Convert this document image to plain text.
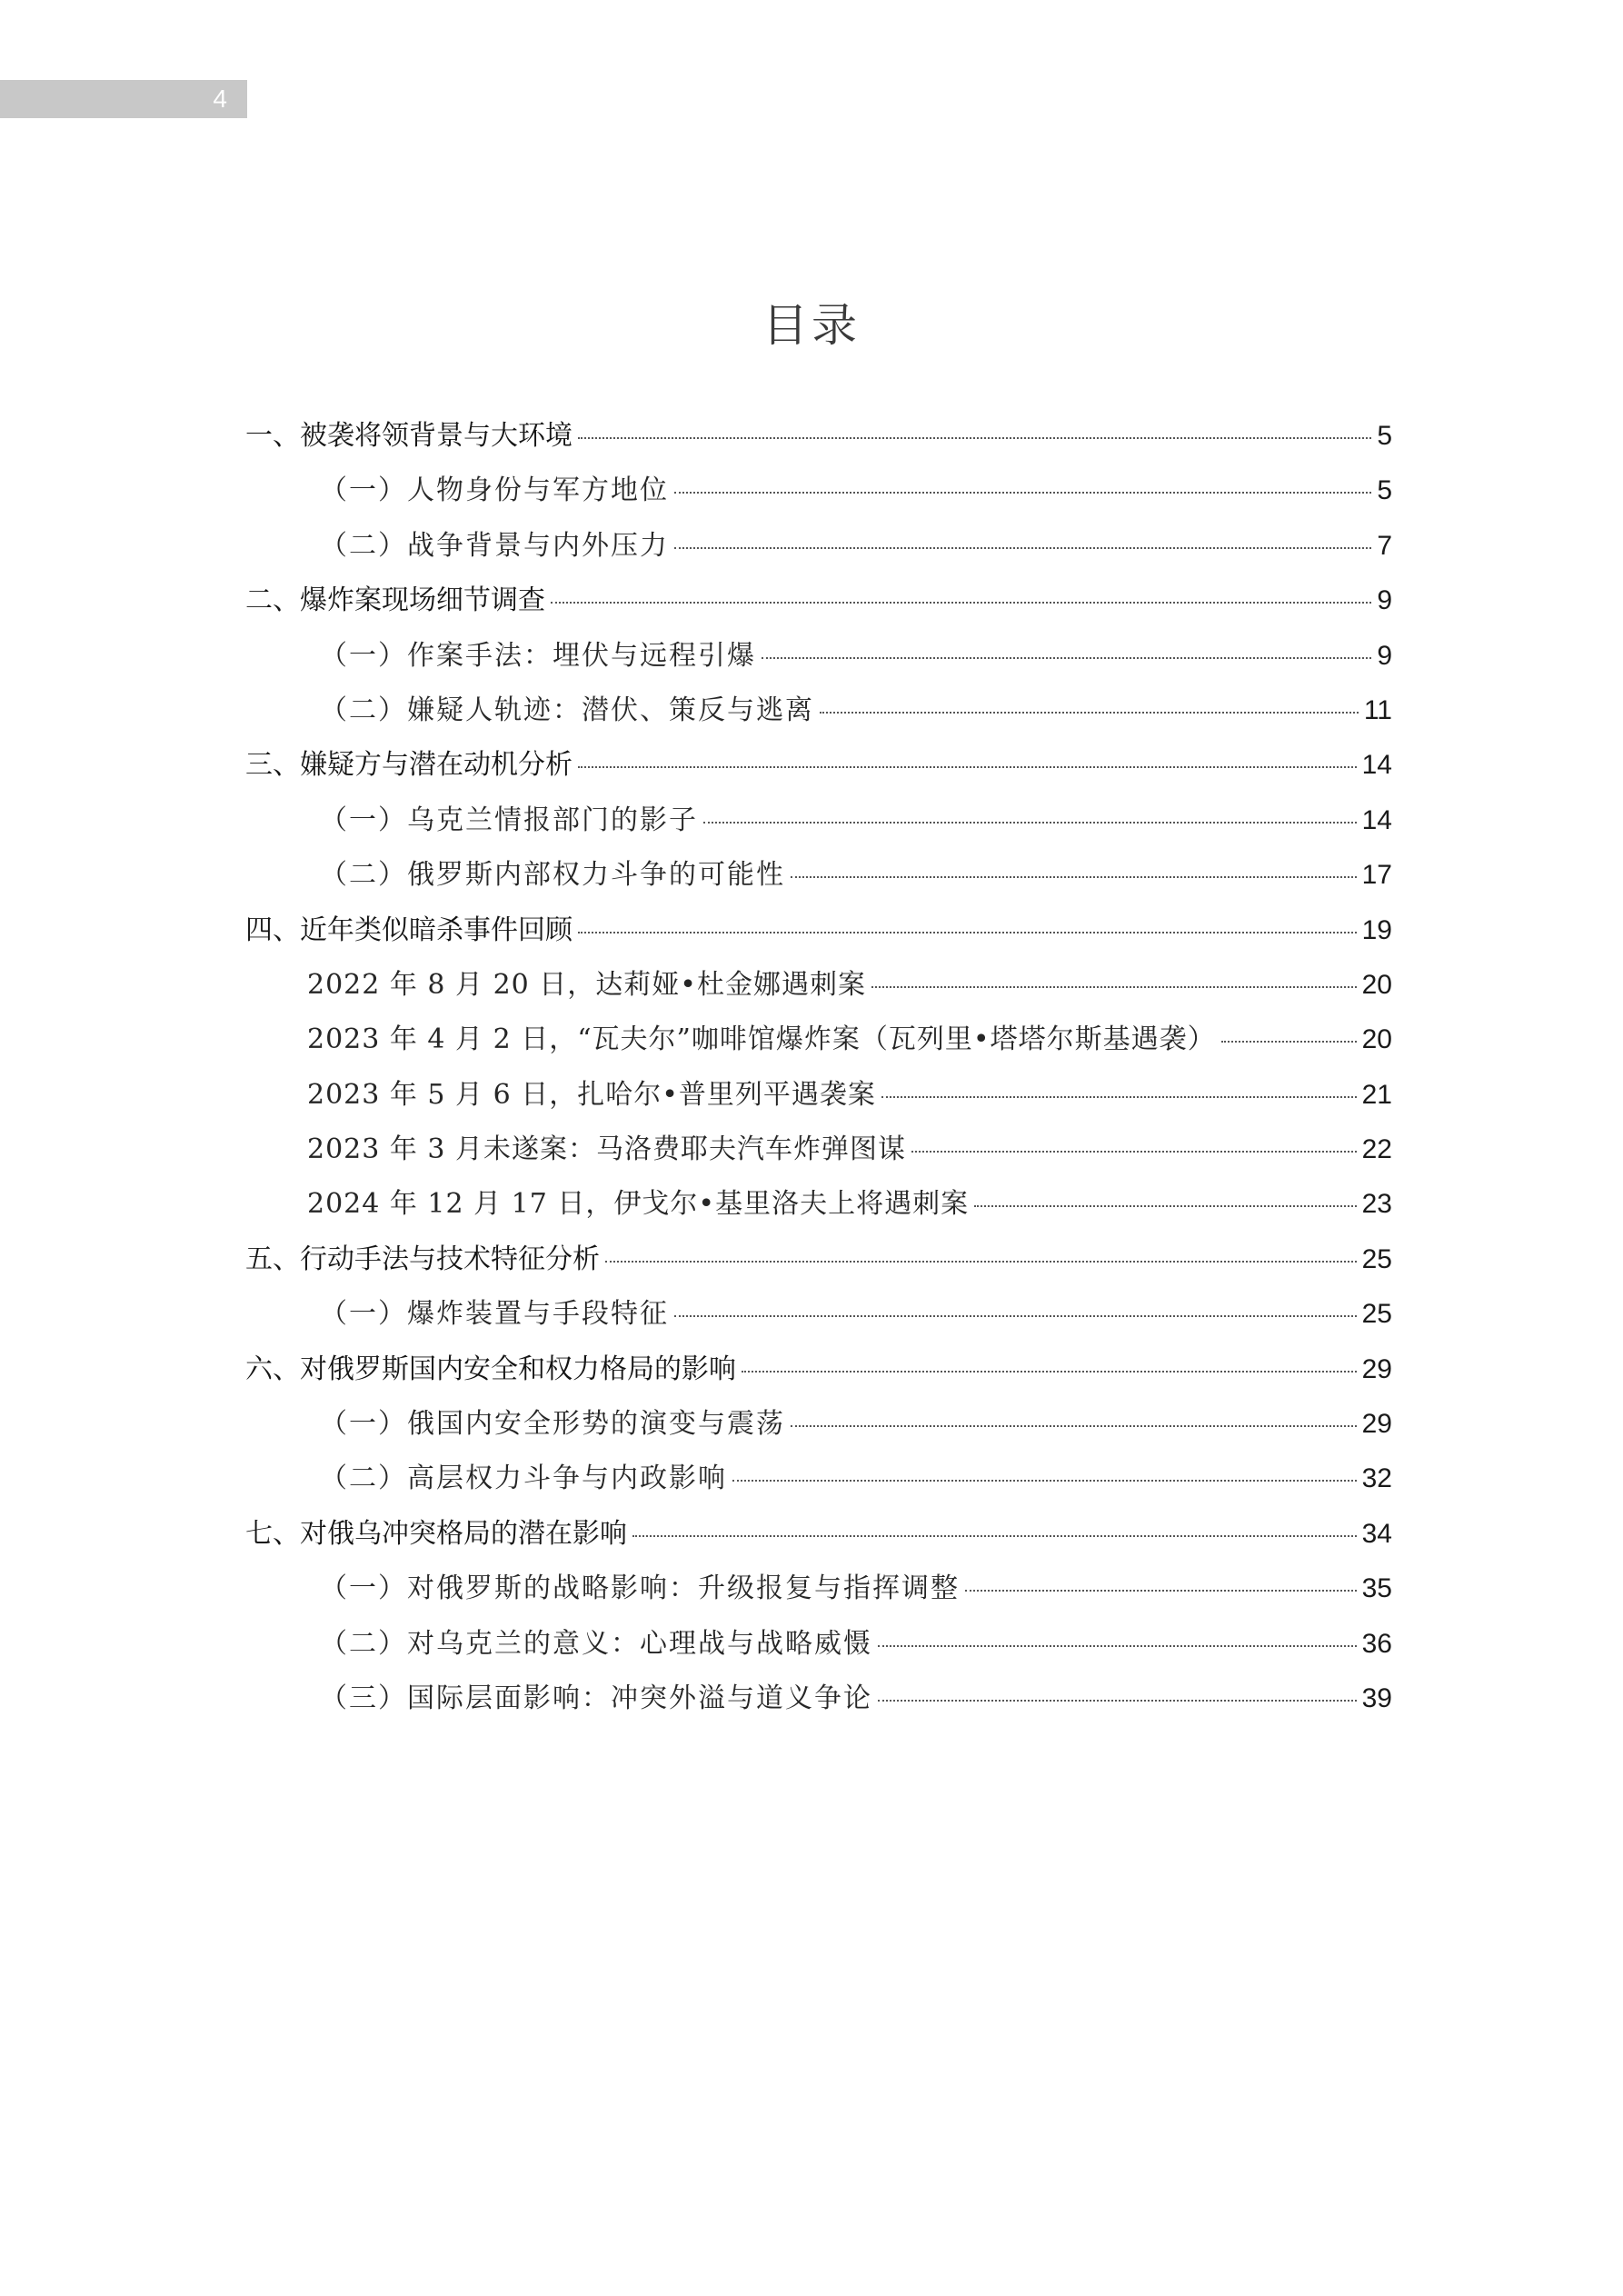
4
目录
一、被袭将领背景与大环境	5
（一）人物身份与军方地位	5
（二）战争背景与内外压力	7
二、爆炸案现场细节调查	9
（一）作案手法：埋伏与远程引爆	9
（二）嫌疑人轨迹：潜伏、策反与逃离	11
三、嫌疑方与潜在动机分析	14
（一）乌克兰情报部门的影子	14
（二）俄罗斯内部权力斗争的可能性	17
四、近年类似暗杀事件回顾	19
2022 年 8 月 20 日，达莉娅•杜金娜遇刺案	20
2023 年 4 月 2 日，“瓦夫尔”咖啡馆爆炸案（瓦列里•塔塔尔斯基遇袭）	20
2023 年 5 月 6 日，扎哈尔•普里列平遇袭案	21
2023 年 3 月未遂案：马洛费耶夫汽车炸弹图谋	22
2024 年 12 月 17 日，伊戈尔•基里洛夫上将遇刺案	23
五、行动手法与技术特征分析	25
（一）爆炸装置与手段特征	25
六、对俄罗斯国内安全和权力格局的影响	29
（一）俄国内安全形势的演变与震荡	29
（二）高层权力斗争与内政影响	32
七、对俄乌冲突格局的潜在影响	34
（一）对俄罗斯的战略影响：升级报复与指挥调整	35
（二）对乌克兰的意义：心理战与战略威慑	36
（三）国际层面影响：冲突外溢与道义争论	39
